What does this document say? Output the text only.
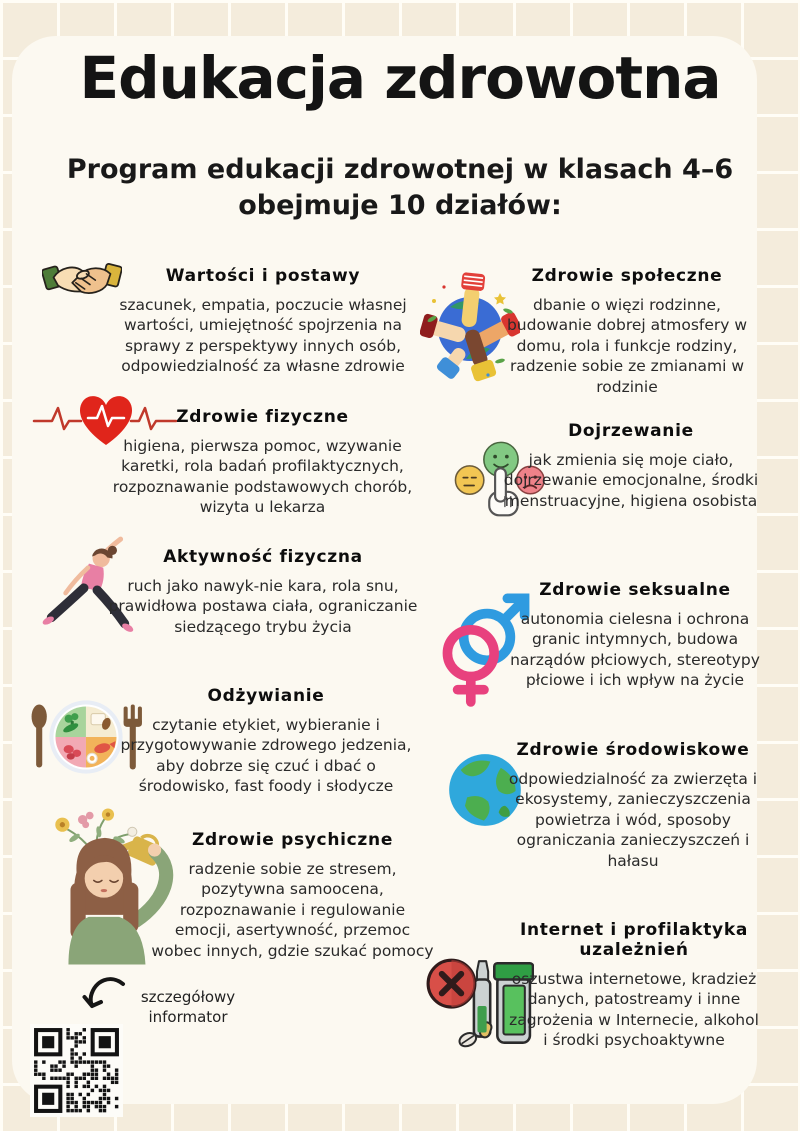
Edukacja zdrowotna
Program edukacji zdrowotnej w klasach 4–6
obejmuje 10 działów:
Wartości i postawy

szacunek, empatia, poczucie własnej wartości, umiejętność spojrzenia na sprawy z perspektywy innych osób, odpowiedzialność za własne zdrowie

Zdrowie społeczne

dbanie o więzi rodzinne, budowanie dobrej atmosfery w domu, rola i funkcje rodziny, radzenie sobie ze zmianami w rodzinie

Zdrowie fizyczne

higiena, pierwsza pomoc, wzywanie karetki, rola badań profilaktycznych, rozpoznawanie podstawowych chorób, wizyta u lekarza

Dojrzewanie

jak zmienia się moje ciało, dojrzewanie emocjonalne, środki menstruacyjne, higiena osobista

Aktywność fizyczna

ruch jako nawyk-nie kara, rola snu, prawidłowa postawa ciała, ograniczanie siedzącego trybu życia

Zdrowie seksualne

autonomia cielesna i ochrona granic intymnych, budowa narządów płciowych, stereotypy płciowe i ich wpływ na życie

Odżywianie

czytanie etykiet, wybieranie i przygotowywanie zdrowego jedzenia, aby dobrze się czuć i dbać o środowisko, fast foody i słodycze

Zdrowie środowiskowe

odpowiedzialność za zwierzęta i ekosystemy, zanieczyszczenia powietrza i wód, sposoby ograniczania zanieczyszczeń i hałasu

Zdrowie psychiczne

radzenie sobie ze stresem, pozytywna samoocena, rozpoznawanie i regulowanie emocji, asertywność, przemoc wobec innych, gdzie szukać pomocy

Internet i profilaktyka uzależnień

oszustwa internetowe, kradzież danych, patostreamy i inne zagrożenia w Internecie, alkohol i środki psychoaktywne

szczegółowy informator
